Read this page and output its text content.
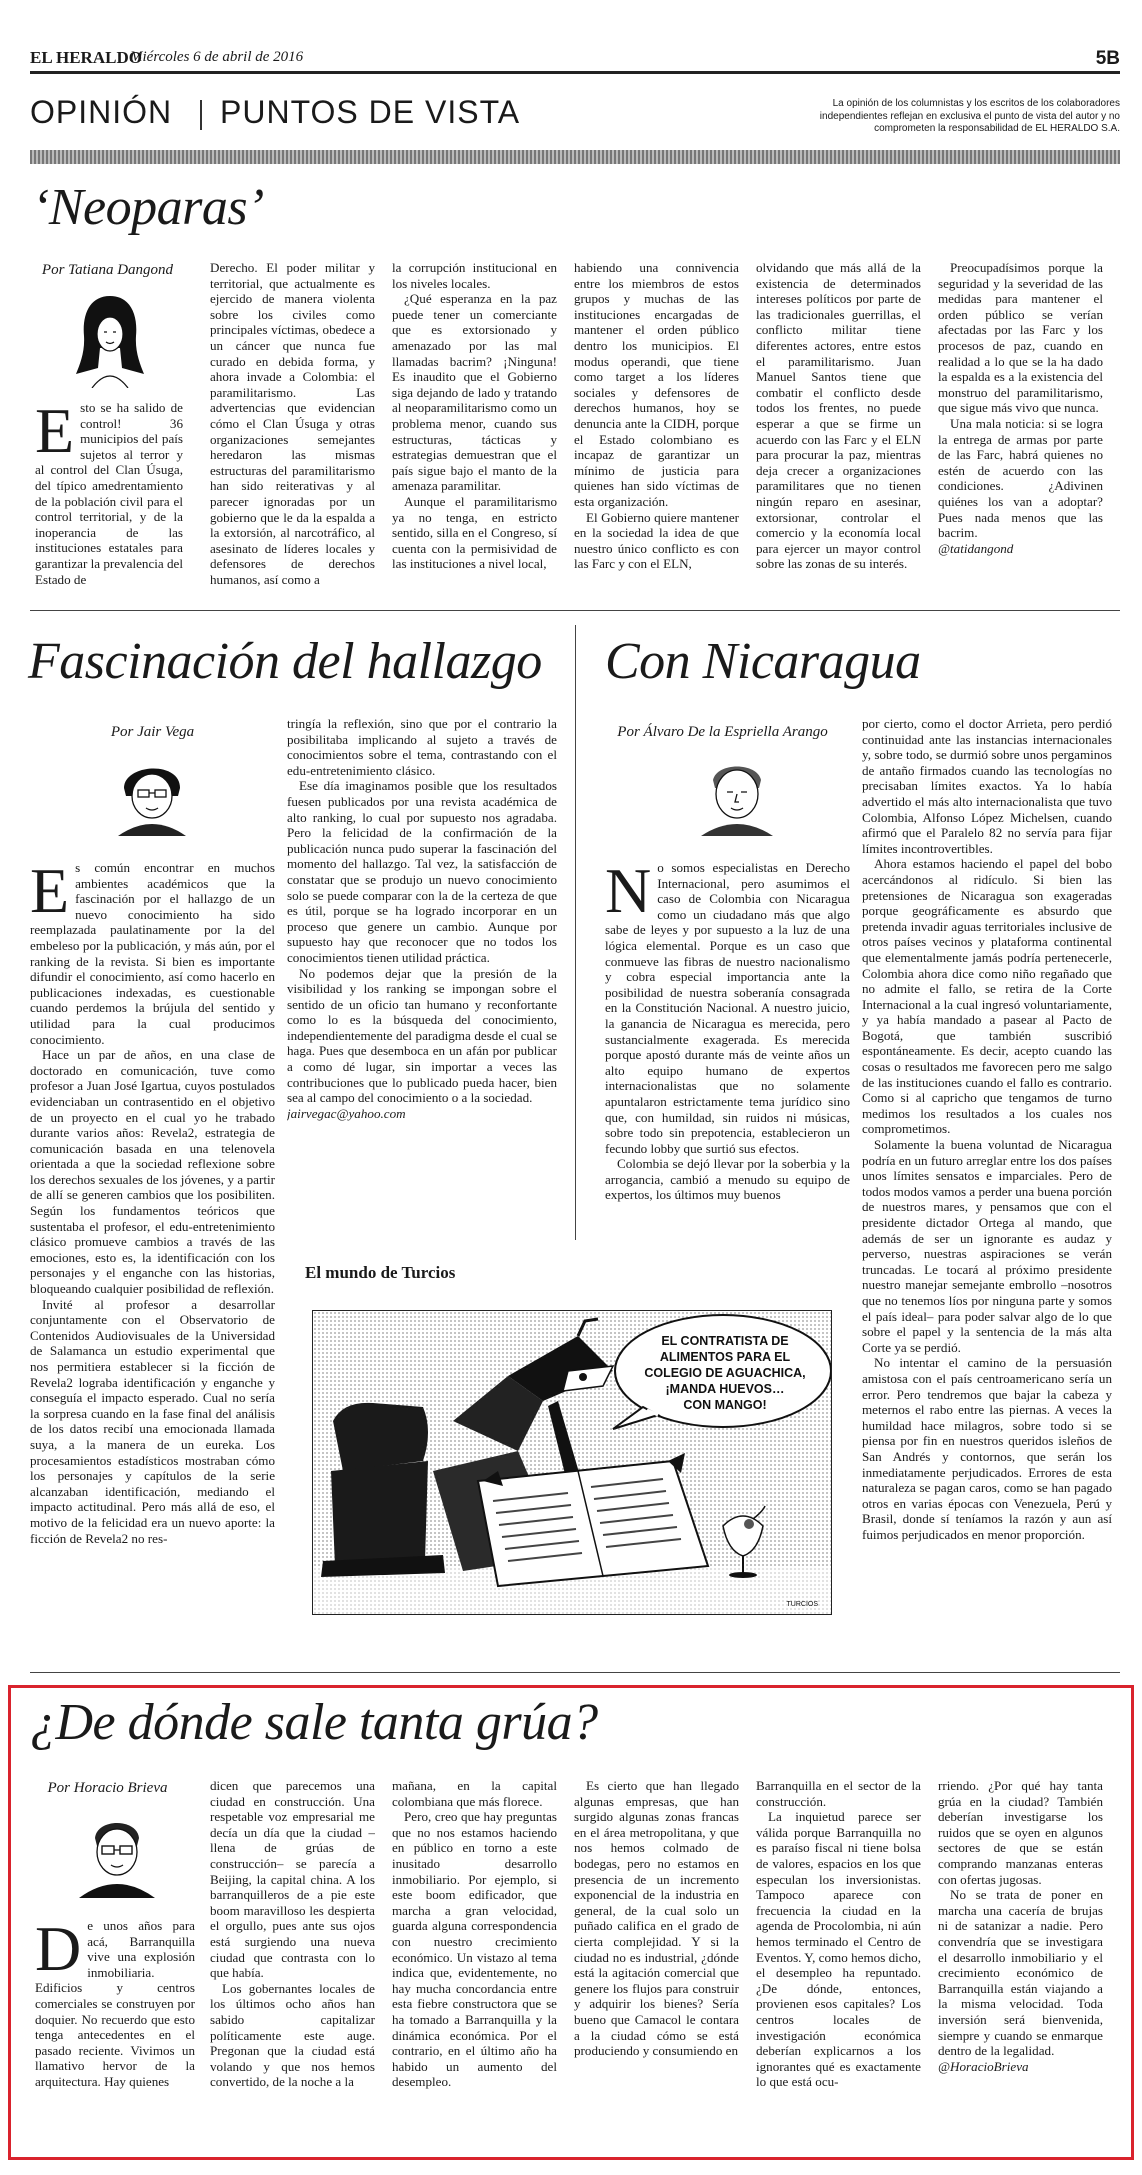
EL HERALDO
Miércoles 6 de abril de 2016	5B
OPINIÓN PUNTOS DE VISTA	La opinión de los columnistas y los escritos de los colaboradores independientes reflejan en exclusiva el punto de vista del autor y no comprometen la responsabilidad de EL HERALDO S.A.
‘Neoparas’
Por Tatiana Dangond

Esto se ha salido de control! 36 municipios del país sujetos al terror y al control del Clan Úsuga, del típico amedrentamiento de la población civil para el control territorial, y de la inoperancia de las instituciones estatales para garantizar la prevalencia del Estado de

Derecho. El poder militar y territorial, que actualmente es ejercido de manera violenta sobre los civiles como principales víctimas, obedece a un cáncer que nunca fue curado en debida forma, y ahora invade a Colombia: el paramilitarismo. Las advertencias que evidencian cómo el Clan Úsuga y otras organizaciones semejantes heredaron las mismas estructuras del paramilitarismo han sido reiterativas y al parecer ignoradas por un gobierno que le da la espalda a la extorsión, al narcotráfico, al asesinato de líderes locales y defensores de derechos humanos, así como a

la corrupción institucional en los niveles locales.

¿Qué esperanza en la paz puede tener un comerciante que es extorsionado y amenazado por las mal llamadas bacrim? ¡Ninguna! Es inaudito que el Gobierno siga dejando de lado y tratando al neoparamilitarismo como un problema menor, cuando sus estructuras, tácticas y estrategias demuestran que el país sigue bajo el manto de la amenaza paramilitar.

Aunque el paramilitarismo ya no tenga, en estricto sentido, silla en el Congreso, sí cuenta con la permisividad de las instituciones a nivel local,

habiendo una connivencia entre los miembros de estos grupos y muchas de las instituciones encargadas de mantener el orden público dentro los municipios. El modus operandi, que tiene como target a los líderes sociales y defensores de derechos humanos, hoy se denuncia ante la CIDH, porque el Estado colombiano es incapaz de garantizar un mínimo de justicia para quienes han sido víctimas de esta organización.

El Gobierno quiere mantener en la sociedad la idea de que nuestro único conflicto es con las Farc y con el ELN,

olvidando que más allá de la existencia de determinados intereses políticos por parte de las tradicionales guerrillas, el conflicto militar tiene diferentes actores, entre estos el paramilitarismo. Juan Manuel Santos tiene que combatir el conflicto desde todos los frentes, no puede esperar a que se firme un acuerdo con las Farc y el ELN para procurar la paz, mientras deja crecer a organizaciones paramilitares que no tienen ningún reparo en asesinar, extorsionar, controlar el comercio y la economía local para ejercer un mayor control sobre las zonas de su interés.

Preocupadísimos porque la seguridad y la severidad de las medidas para mantener el orden público se verían afectadas por las Farc y los procesos de paz, cuando en realidad a lo que se la ha dado la espalda es a la existencia del monstruo del paramilitarismo, que sigue más vivo que nunca.

Una mala noticia: si se logra la entrega de armas por parte de las Farc, habrá quienes no estén de acuerdo con las condiciones. ¿Adivinen quiénes los van a adoptar? Pues nada menos que las bacrim.

@tatidangond

Fascinación del hallazgo
Por Jair Vega

Es común encontrar en muchos ambientes académicos que la fascinación por el hallazgo de un nuevo conocimiento ha sido reemplazada paulatinamente por la del embeleso por la publicación, y más aún, por el ranking de la revista. Si bien es importante difundir el conocimiento, así como hacerlo en publicaciones indexadas, es cuestionable cuando perdemos la brújula del sentido y utilidad para la cual producimos conocimiento.

Hace un par de años, en una clase de doctorado en comunicación, tuve como profesor a Juan José Igartua, cuyos postulados evidenciaban un contrasentido en el objetivo de un proyecto en el cual yo he trabado durante varios años: Revela2, estrategia de comunicación basada en una telenovela orientada a que la sociedad reflexione sobre los derechos sexuales de los jóvenes, y a partir de allí se generen cambios que los posibiliten. Según los fundamentos teóricos que sustentaba el profesor, el edu-entretenimiento clásico promueve cambios a través de las emociones, esto es, la identificación con los personajes y el enganche con las historias, bloqueando cualquier posibilidad de reflexión.

Invité al profesor a desarrollar conjuntamente con el Observatorio de Contenidos Audiovisuales de la Universidad de Salamanca un estudio experimental que nos permitiera establecer si la ficción de Revela2 lograba identificación y enganche y conseguía el impacto esperado. Cual no sería la sorpresa cuando en la fase final del análisis de los datos recibí una emocionada llamada suya, a la manera de un eureka. Los procesamientos estadísticos mostraban cómo los personajes y capítulos de la serie alcanzaban identificación, mediando el impacto actitudinal. Pero más allá de eso, el motivo de la felicidad era un nuevo aporte: la ficción de Revela2 no res-

tringía la reflexión, sino que por el contrario la posibilitaba implicando al sujeto a través de conocimientos sobre el tema, contrastando con el edu-entretenimiento clásico.

Ese día imaginamos posible que los resultados fuesen publicados por una revista académica de alto ranking, lo cual por supuesto nos agradaba. Pero la felicidad de la confirmación de la publicación nunca pudo superar la fascinación del momento del hallazgo. Tal vez, la satisfacción de constatar que se produjo un nuevo conocimiento solo se puede comparar con la de la certeza de que es útil, porque se ha logrado incorporar en un proceso que genere un cambio. Aunque por supuesto hay que reconocer que no todos los conocimientos tienen utilidad práctica.

No podemos dejar que la presión de la visibilidad y los ranking se impongan sobre el sentido de un oficio tan humano y reconfortante como lo es la búsqueda del conocimiento, independientemente del paradigma desde el cual se haga. Pues que desemboca en un afán por publicar a como dé lugar, sin importar a veces las contribuciones que lo publicado pueda hacer, bien sea al campo del conocimiento o a la sociedad.

jairvegac@yahoo.com

Con Nicaragua
Por Álvaro De la Espriella Arango

No somos especialistas en Derecho Internacional, pero asumimos el caso de Colombia con Nicaragua como un ciudadano más que algo sabe de leyes y por supuesto a la luz de una lógica elemental. Porque es un caso que conmueve las fibras de nuestro nacionalismo y cobra especial importancia ante la posibilidad de nuestra soberanía consagrada en la Constitución Nacional. A nuestro juicio, la ganancia de Nicaragua es merecida, pero sustancialmente exagerada. Es merecida porque apostó durante más de veinte años un alto equipo humano de expertos internacionalistas que no solamente apuntalaron estrictamente tema jurídico sino que, con humildad, sin ruidos ni músicas, sobre todo sin prepotencia, establecieron un fecundo lobby que surtió sus efectos.

Colombia se dejó llevar por la soberbia y la arrogancia, cambió a menudo su equipo de expertos, los últimos muy buenos

por cierto, como el doctor Arrieta, pero perdió continuidad ante las instancias internacionales y, sobre todo, se durmió sobre unos pergaminos de antaño firmados cuando las tecnologías no precisaban límites exactos. Ya lo había advertido el más alto internacionalista que tuvo Colombia, Alfonso López Michelsen, cuando afirmó que el Paralelo 82 no servía para fijar límites incontrovertibles.

Ahora estamos haciendo el papel del bobo acercándonos al ridículo. Si bien las pretensiones de Nicaragua son exageradas porque geográficamente es absurdo que pretenda invadir aguas territoriales inclusive de otros países vecinos y plataforma continental que elementalmente jamás podría pertenecerle, Colombia ahora dice como niño regañado que no admite el fallo, se retira de la Corte Internacional a la cual ingresó voluntariamente, y ya había mandado a pasear al Pacto de Bogotá, que también suscribió espontáneamente. Es decir, acepto cuando las cosas o resultados me favorecen pero me salgo de las instituciones cuando el fallo es contrario. Como si al capricho que tengamos de turno medimos los resultados a los cuales nos comprometimos.

Solamente la buena voluntad de Nicaragua podría en un futuro arreglar entre los dos países unos límites sensatos e imparciales. Pero de todos modos vamos a perder una buena porción de nuestros mares, y pensamos que con el presidente dictador Ortega al mando, que además de ser un ignorante es audaz y perverso, nuestras aspiraciones se verán truncadas. Le tocará al próximo presidente nuestro manejar semejante embrollo –nosotros que no tenemos líos por ninguna parte y somos el país ideal– para poder salvar algo de lo que sobre el papel y la sentencia de la más alta Corte ya se perdió.

No intentar el camino de la persuasión amistosa con el país centroamericano sería un error. Pero tendremos que bajar la cabeza y meternos el rabo entre las piernas. A veces la humildad hace milagros, sobre todo si se piensa por fin en nuestros queridos isleños de San Andrés y contornos, que serán los inmediatamente perjudicados. Errores de esta naturaleza se pagan caros, como se han pagado otros en varias épocas con Venezuela, Perú y Brasil, donde sí teníamos la razón y aun así fuimos perjudicados en menor proporción.

El mundo de Turcios
EL CONTRATISTA DE
ALIMENTOS PARA EL
COLEGIO DE AGUACHICA,
¡MANDA HUEVOS…
CON MANGO!
TURCIOS
¿De dónde sale tanta grúa?
Por Horacio Brieva

De unos años para acá, Barranquilla vive una explosión inmobiliaria. Edificios y centros comerciales se construyen por doquier. No recuerdo que esto tenga antecedentes en el pasado reciente. Vivimos un llamativo hervor de la arquitectura. Hay quienes

dicen que parecemos una ciudad en construcción. Una respetable voz empresarial me decía un día que la ciudad –llena de grúas de construcción– se parecía a Beijing, la capital china. A los barranquilleros de a pie este boom maravilloso les despierta el orgullo, pues ante sus ojos está surgiendo una nueva ciudad que contrasta con lo que había.

Los gobernantes locales de los últimos ocho años han sabido capitalizar políticamente este auge. Pregonan que la ciudad está volando y que nos hemos convertido, de la noche a la

mañana, en la capital colombiana que más florece.

Pero, creo que hay preguntas que no nos estamos haciendo en público en torno a este inusitado desarrollo inmobiliario. Por ejemplo, si este boom edificador, que marcha a gran velocidad, guarda alguna correspondencia con nuestro crecimiento económico. Un vistazo al tema indica que, evidentemente, no hay mucha concordancia entre esta fiebre constructora que se ha tomado a Barranquilla y la dinámica económica. Por el contrario, en el último año ha habido un aumento del desempleo.

Es cierto que han llegado algunas empresas, que han surgido algunas zonas francas en el área metropolitana, y que nos hemos colmado de bodegas, pero no estamos en presencia de un incremento exponencial de la industria en general, de la cual solo un puñado califica en el grado de cierta complejidad. Y si la ciudad no es industrial, ¿dónde está la agitación comercial que genere los flujos para construir y adquirir los bienes? Sería bueno que Camacol le contara a la ciudad cómo se está produciendo y consumiendo en

Barranquilla en el sector de la construcción.

La inquietud parece ser válida porque Barranquilla no es paraíso fiscal ni tiene bolsa de valores, espacios en los que especulan los inversionistas. Tampoco aparece con frecuencia la ciudad en la agenda de Procolombia, ni aún hemos terminado el Centro de Eventos. Y, como hemos dicho, el desempleo ha repuntado. ¿De dónde, entonces, provienen esos capitales? Los centros locales de investigación económica deberían explicarnos a los ignorantes qué es exactamente lo que está ocu-

rriendo. ¿Por qué hay tanta grúa en la ciudad? También deberían investigarse los ruidos que se oyen en algunos sectores de que se están comprando manzanas enteras con ofertas jugosas.

No se trata de poner en marcha una cacería de brujas ni de satanizar a nadie. Pero convendría que se investigara el desarrollo inmobiliario y el crecimiento económico de Barranquilla están viajando a la misma velocidad. Toda inversión será bienvenida, siempre y cuando se enmarque dentro de la legalidad.

@HoracioBrieva
